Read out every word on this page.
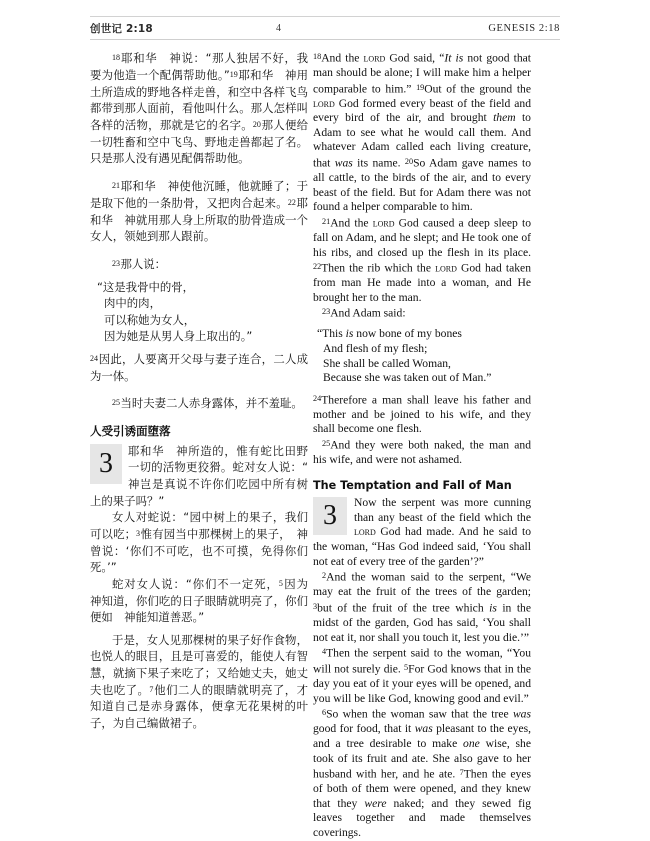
创世记 2:18	4	GENESIS 2:18

18耶和华　神说：“那人独居不好，我要为他造一个配偶帮助他。”19耶和华　神用土所造成的野地各样走兽，和空中各样飞鸟都带到那人面前，看他叫什么。那人怎样叫各样的活物，那就是它的名字。20那人便给一切牲畜和空中飞鸟、野地走兽都起了名。只是那人没有遇见配偶帮助他。

21耶和华　神使他沉睡，他就睡了；于是取下他的一条肋骨，又把肉合起来。22耶和华　神就用那人身上所取的肋骨造成一个女人，领她到那人跟前。

23那人说：

“这是我骨中的骨，

肉中的肉，

可以称她为女人，

因为她是从男人身上取出的。”

24因此，人要离开父母与妻子连合，二人成为一体。

25当时夫妻二人赤身露体，并不羞耻。

人受引诱面堕落
3	耶和华　神所造的，惟有蛇比田野一切的活物更狡猾。蛇对女人说：“　神岂是真说不许你们吃园中所有树上的果子吗？”

女人对蛇说：“园中树上的果子，我们可以吃；3惟有园当中那棵树上的果子，　神曾说：‘你们不可吃，也不可摸，免得你们死。’”

蛇对女人说：“你们不一定死，5因为　神知道，你们吃的日子眼睛就明亮了，你们便如　神能知道善恶。”

于是，女人见那棵树的果子好作食物，也悦人的眼目，且是可喜爱的，能使人有智慧，就摘下果子来吃了；又给她丈夫，她丈夫也吃了。7他们二人的眼睛就明亮了，才知道自己是赤身露体，便拿无花果树的叶子，为自己编做裙子。

$^{18}$And the lord God said, “It is not good that man should be alone; I will make him a helper comparable to him.” $^{19}$Out of the ground the lord God formed every beast of the field and every bird of the air, and brought them to Adam to see what he would call them. And whatever Adam called each living creature, that was its name. $^{20}$So Adam gave names to all cattle, to the birds of the air, and to every beast of the field. But for Adam there was not found a helper comparable to him.

$^{21}$And the lord God caused a deep sleep to fall on Adam, and he slept; and He took one of his ribs, and closed up the flesh in its place. $^{22}$Then the rib which the lord God had taken from man He made into a woman, and He brought her to the man.

$^{23}$And Adam said:

“This is now bone of my bones

And flesh of my flesh;

She shall be called Woman,

Because she was taken out of Man.”

$^{24}$Therefore a man shall leave his father and mother and be joined to his wife, and they shall become one flesh.

$^{25}$And they were both naked, the man and his wife, and were not ashamed.

The Temptation and Fall of Man
3	Now the serpent was more cunning than any beast of the field which the lord God had made. And he said to the woman, “Has God indeed said, ‘You shall not eat of every tree of the garden’?”

$^2$And the woman said to the serpent, “We may eat the fruit of the trees of the garden; $^3$but of the fruit of the tree which is in the midst of the garden, God has said, ‘You shall not eat it, nor shall you touch it, lest you die.’”

$^4$Then the serpent said to the woman, “You will not surely die. $^5$For God knows that in the day you eat of it your eyes will be opened, and you will be like God, knowing good and evil.”

$^6$So when the woman saw that the tree was good for food, that it was pleasant to the eyes, and a tree desirable to make one wise, she took of its fruit and ate. She also gave to her husband with her, and he ate. $^7$Then the eyes of both of them were opened, and they knew that they were naked; and they sewed fig leaves together and made themselves coverings.
